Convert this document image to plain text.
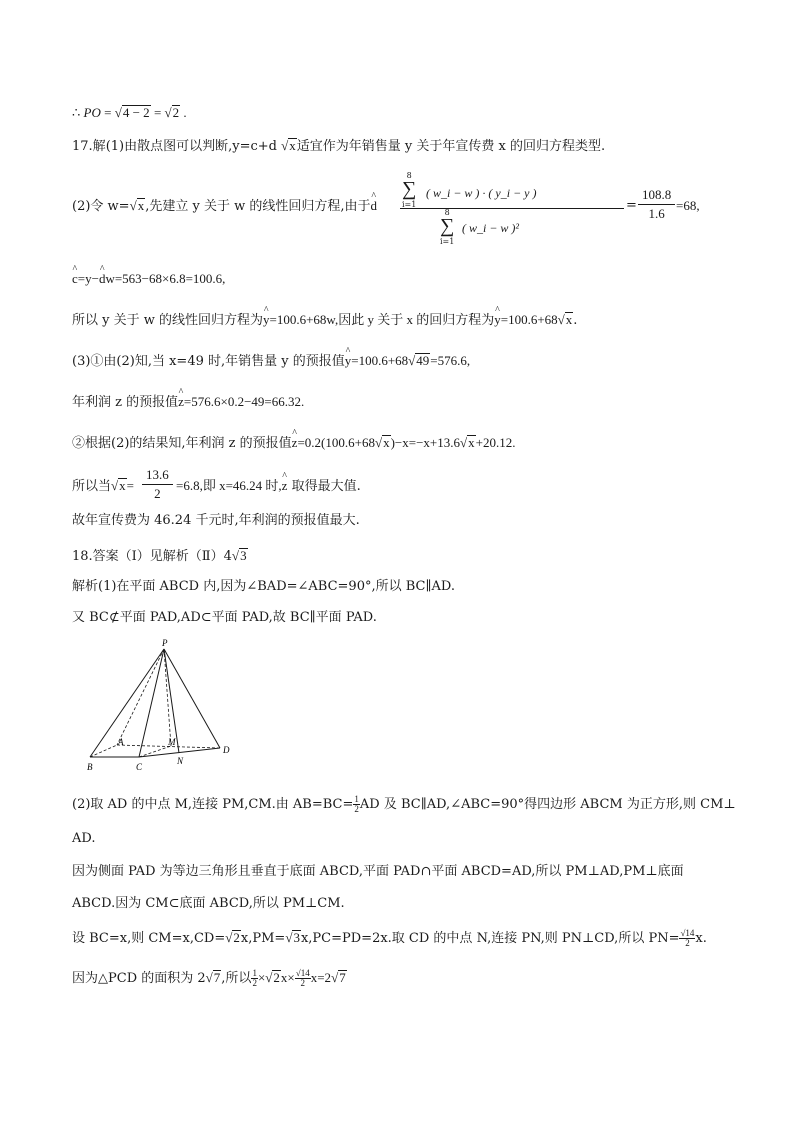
∴ PO = √4 − 2 = √2 .
17.解(1)由散点图可以判断,y=c+d √x适宜作为年销售量 y 关于年宣传费 x 的回归方程类型.
(2)令 w=√x,先建立 y 关于 w 的线性回归方程,由于^ d
8
∑
i=1
( w_i − w ) · ( y_i − y )
8
∑
i=1
( w_i − w )²
= $\frac{108.8}{1.6} =68$,
^ c=y−^ dw=563−68×6.8=100.6,
所以 y 关于 w 的线性回归方程为^ y=100.6+68w,因此 y 关于 x 的回归方程为^ y=100.6+68√x.
(3)①由(2)知,当 x=49 时,年销售量 y 的预报值^ y=100.6+68√49=576.6,
年利润 z 的预报值^ z=576.6×0.2−49=66.32.
②根据(2)的结果知,年利润 z 的预报值^ z=0.2(100.6+68√x)−x=−x+13.6√x+20.12.
所以当$√x= \frac{13.6}{2} =6.8$,即 x=46.24 时,^ z 取得最大值.
故年宣传费为 46.24 千元时,年利润的预报值最大.
18.答案（Ⅰ）见解析（Ⅱ）4√3
解析(1)在平面 ABCD 内,因为∠BAD=∠ABC=90°,所以 BC∥AD.
又 BC⊄平面 PAD,AD⊂平面 PAD,故 BC∥平面 PAD.
P
A	M
B	C
N
D
(2)取 AD 的中点 M,连接 PM,CM.由 $AB=BC= \frac{1}{2}$ AD 及 BC∥AD,∠ABC=90°得四边形 ABCM 为正方形,则 CM⊥
AD.
因为侧面 PAD 为等边三角形且垂直于底面 ABCD,平面 PAD∩平面 ABCD=AD,所以 PM⊥AD,PM⊥底面
ABCD.因为 CM⊂底面 ABCD,所以 PM⊥CM.
设 BC=x,则 CM=x,CD=√2x,PM=√3x,PC=PD=2x.取 CD 的中点 N,连接 PN,则 PN⊥CD,所以 $PN= \frac{√14}{2} x$.
因为△PCD 的面积为 2√7,所以 $\frac{1}{2} \times√2x\times \frac{√14}{2} x=2√7$
